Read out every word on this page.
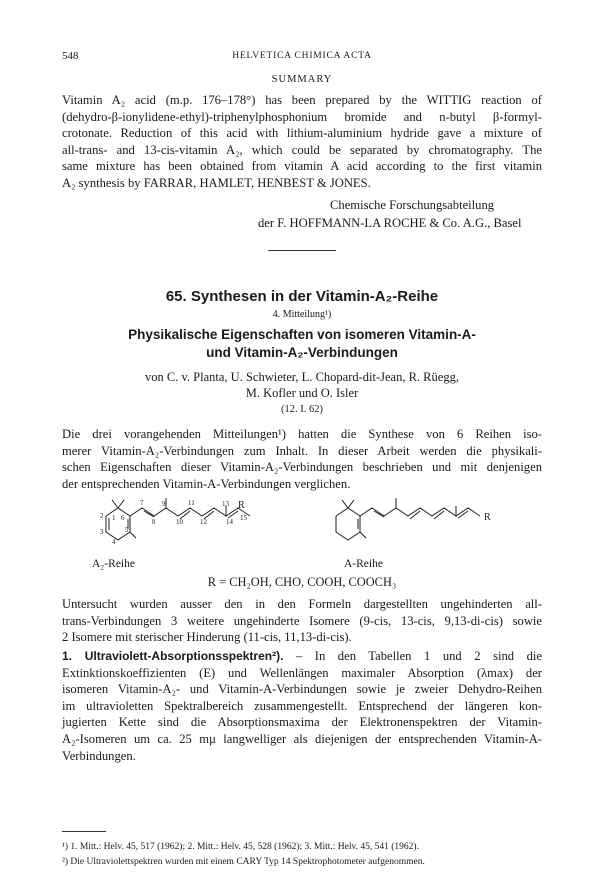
548	HELVETICA CHIMICA ACTA
SUMMARY
Vitamin A₂ acid (m.p. 176–178°) has been prepared by the WITTIG reaction of
(dehydro-β-ionylidene-ethyl)-triphenylphosphonium bromide and n-butyl β-formyl-
crotonate. Reduction of this acid with lithium-aluminium hydride gave a mixture of
all-trans- and 13-cis-vitamin A₂, which could be separated by chromatography. The
same mixture has been obtained from vitamin A acid according to the first vitamin
A₂ synthesis by FARRAR, HAMLET, HENBEST & JONES.
Chemische Forschungsabteilung
der F. HOFFMANN-LA ROCHE & Co. A.G., Basel
65. Synthesen in der Vitamin-A₂-Reihe
4. Mitteilung¹)
Physikalische Eigenschaften von isomeren Vitamin-A-
und Vitamin-A₂-Verbindungen
von C. v. Planta, U. Schwieter, L. Chopard-dit-Jean, R. Rüegg,
M. Kofler und O. Isler
(12. I. 62)
Die drei vorangehenden Mitteilungen¹) hatten die Synthese von 6 Reihen iso-
merer Vitamin-A₂-Verbindungen zum Inhalt. In dieser Arbeit werden die physikali-
schen Eigenschaften dieser Vitamin-A₂-Verbindungen beschrieben und mit denjenigen
der entsprechenden Vitamin-A-Verbindungen verglichen.
2 1
3
4
5
6
7
8
9
10
11
12
13
14 15
R
R
A₂-Reihe	A-Reihe
R = CH₂OH, CHO, COOH, COOCH₃
Untersucht wurden ausser den in den Formeln dargestellten ungehinderten all-
trans-Verbindungen 3 weitere ungehinderte Isomere (9-cis, 13-cis, 9,13-di-cis) sowie
2 Isomere mit sterischer Hinderung (11-cis, 11,13-di-cis).
1. Ultraviolett-Absorptionsspektren²). – In den Tabellen 1 und 2 sind die
Extinktionskoeffizienten (E) und Wellenlängen maximaler Absorption (λmax) der
isomeren Vitamin-A₂- und Vitamin-A-Verbindungen sowie je zweier Dehydro-Reihen
im ultravioletten Spektralbereich zusammengestellt. Entsprechend der längeren kon-
jugierten Kette sind die Absorptionsmaxima der Elektronenspektren der Vitamin-
A₂-Isomeren um ca. 25 mμ langwelliger als diejenigen der entsprechenden Vitamin-A-
Verbindungen.
¹) 1. Mitt.: Helv. 45, 517 (1962); 2. Mitt.: Helv. 45, 528 (1962); 3. Mitt.: Helv. 45, 541 (1962).
²) Die Ultraviolettspektren wurden mit einem CARY Typ 14 Spektrophotometer aufgenommen.
